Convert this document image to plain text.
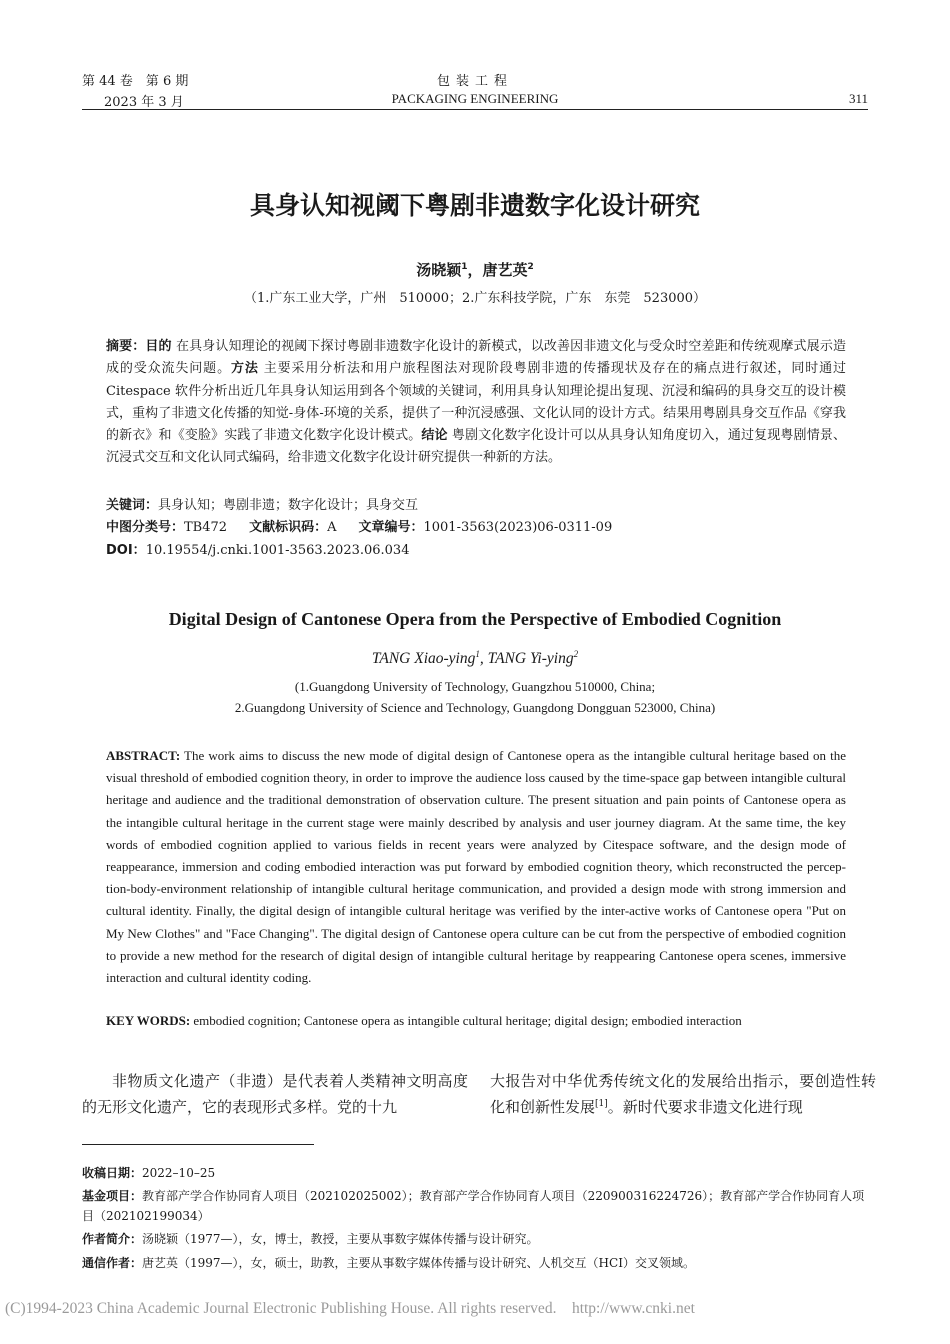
第 44 卷　第 6 期
2023 年 3 月
包装工程
PACKAGING ENGINEERING	311
具身认知视阈下粤剧非遗数字化设计研究
汤晓颖$^1$，唐艺英$^2$
（1.广东工业大学，广州　510000；2.广东科技学院，广东　东莞　523000）
摘要：目的 在具身认知理论的视阈下探讨粤剧非遗数字化设计的新模式，以改善因非遗文化与受众时空差距和传统观摩式展示造成的受众流失问题。方法 主要采用分析法和用户旅程图法对现阶段粤剧非遗的传播现状及存在的痛点进行叙述，同时通过 Citespace 软件分析出近几年具身认知运用到各个领域的关键词，利用具身认知理论提出复现、沉浸和编码的具身交互的设计模式，重构了非遗文化传播的知觉-身体-环境的关系，提供了一种沉浸感强、文化认同的设计方式。结果用粤剧具身交互作品《穿我的新衣》和《变脸》实践了非遗文化数字化设计模式。结论 粤剧文化数字化设计可以从具身认知角度切入，通过复现粤剧情景、沉浸式交互和文化认同式编码，给非遗文化数字化设计研究提供一种新的方法。
关键词：具身认知；粤剧非遗；数字化设计；具身交互
中图分类号：TB472 文献标识码：A 文章编号：1001-3563(2023)06-0311-09
DOI：10.19554/j.cnki.1001-3563.2023.06.034
Digital Design of Cantonese Opera from the Perspective of Embodied Cognition
TANG Xiao-ying$^1$, TANG Yi-ying$^2$
(1.Guangdong University of Technology, Guangzhou 510000, China;
2.Guangdong University of Science and Technology, Guangdong Dongguan 523000, China)
ABSTRACT: The work aims to discuss the new mode of digital design of Cantonese opera as the intangible cultural heritage based on the visual threshold of embodied cognition theory, in order to improve the audience loss caused by the time-space gap between intangible cultural heritage and audience and the traditional demonstration of observation culture. The present situation and pain points of Cantonese opera as the intangible cultural heritage in the current stage were mainly described by analysis and user journey diagram. At the same time, the key words of embodied cognition applied to various fields in recent years were analyzed by Citespace software, and the design mode of reappearance, immersion and coding embodied interaction was put forward by embodied cognition theory, which reconstructed the percep-tion-body-environment relationship of intangible cultural heritage communication, and provided a design mode with strong immersion and cultural identity. Finally, the digital design of intangible cultural heritage was verified by the inter-active works of Cantonese opera "Put on My New Clothes" and "Face Changing". The digital design of Cantonese opera culture can be cut from the perspective of embodied cognition to provide a new method for the research of digital design of intangible cultural heritage by reappearing Cantonese opera scenes, immersive interaction and cultural identity coding.
KEY WORDS: embodied cognition; Cantonese opera as intangible cultural heritage; digital design; embodied interaction
非物质文化遗产（非遗）是代表着人类精神文明高度的无形文化遗产，它的表现形式多样。党的十九
大报告对中华优秀传统文化的发展给出指示，要创造性转化和创新性发展[1]。新时代要求非遗文化进行现
收稿日期：2022–10–25
基金项目：教育部产学合作协同育人项目（202102025002）；教育部产学合作协同育人项目（220900316224726）；教育部产学合作协同育人项目（202102199034）
作者简介：汤晓颖（1977—），女，博士，教授，主要从事数字媒体传播与设计研究。
通信作者：唐艺英（1997—），女，硕士，助教，主要从事数字媒体传播与设计研究、人机交互（HCI）交叉领域。
(C)1994-2023 China Academic Journal Electronic Publishing House. All rights reserved.　http://www.cnki.net
